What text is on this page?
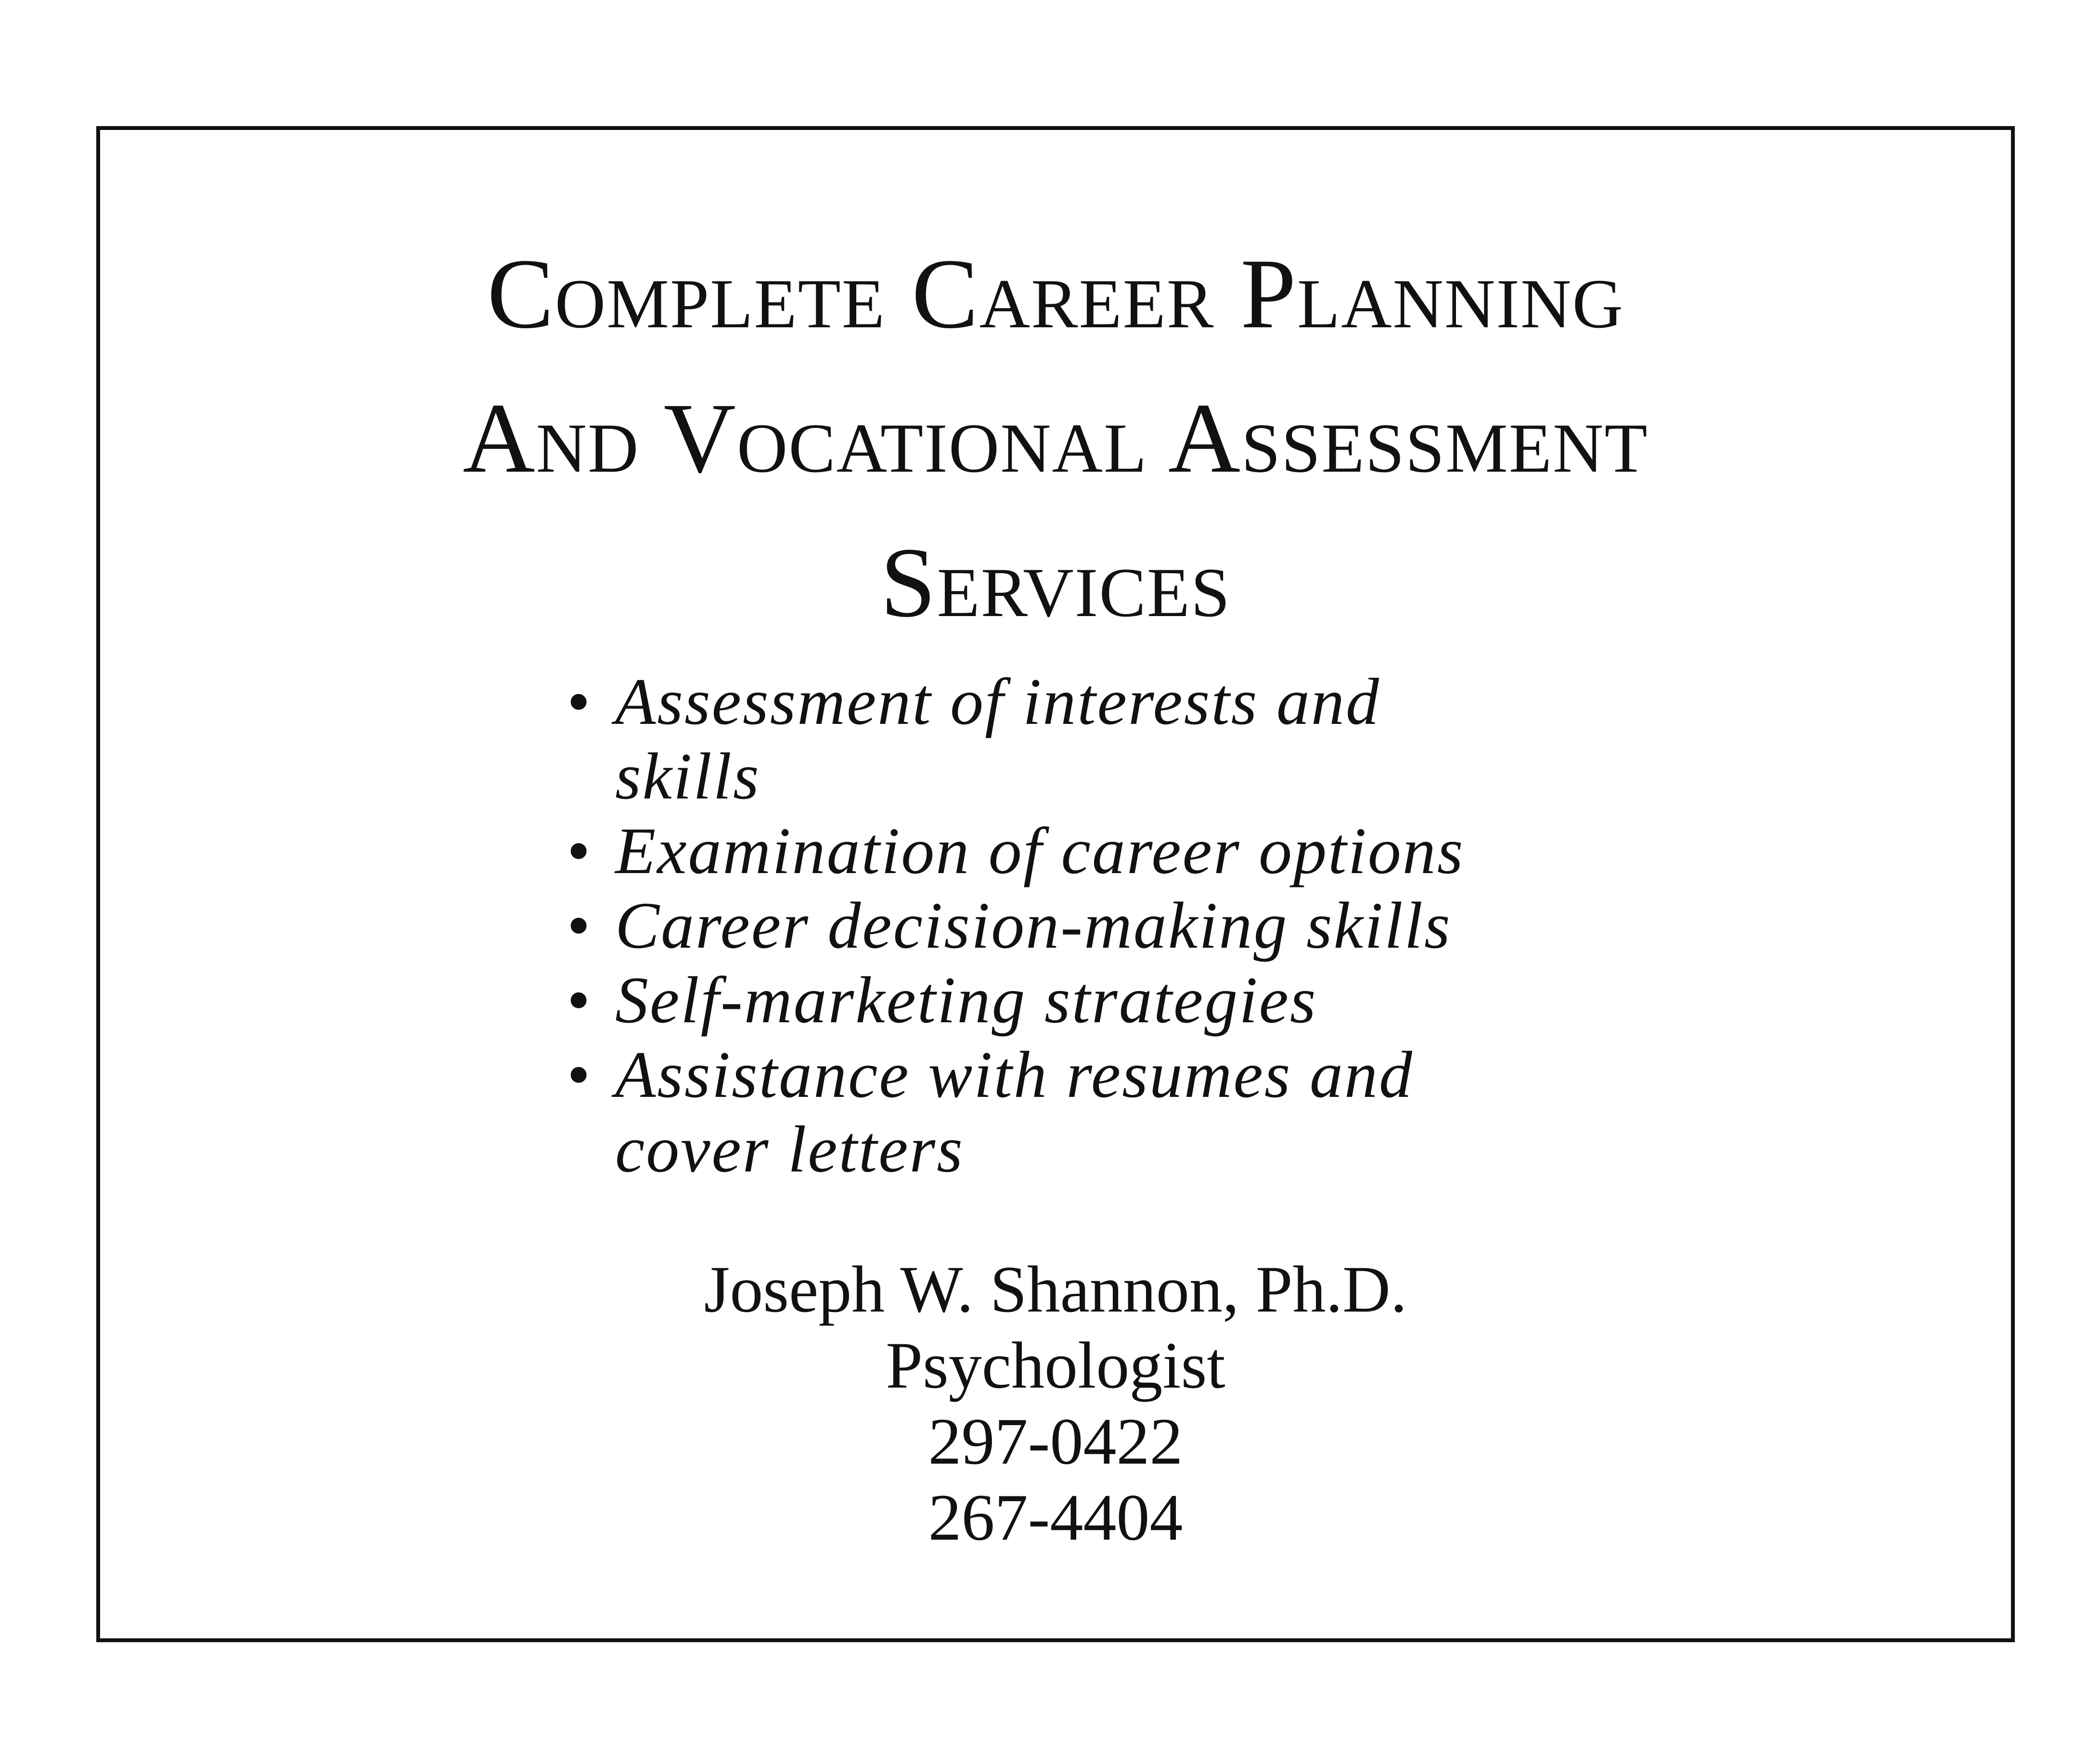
Complete Career Planning
And Vocational Assessment
Services
• Assessment of interests and skills
• Examination of career options
• Career decision-making skills
• Self-marketing strategies
• Assistance with resumes and cover letters
Joseph W. Shannon, Ph.D.
Psychologist
297-0422
267-4404
